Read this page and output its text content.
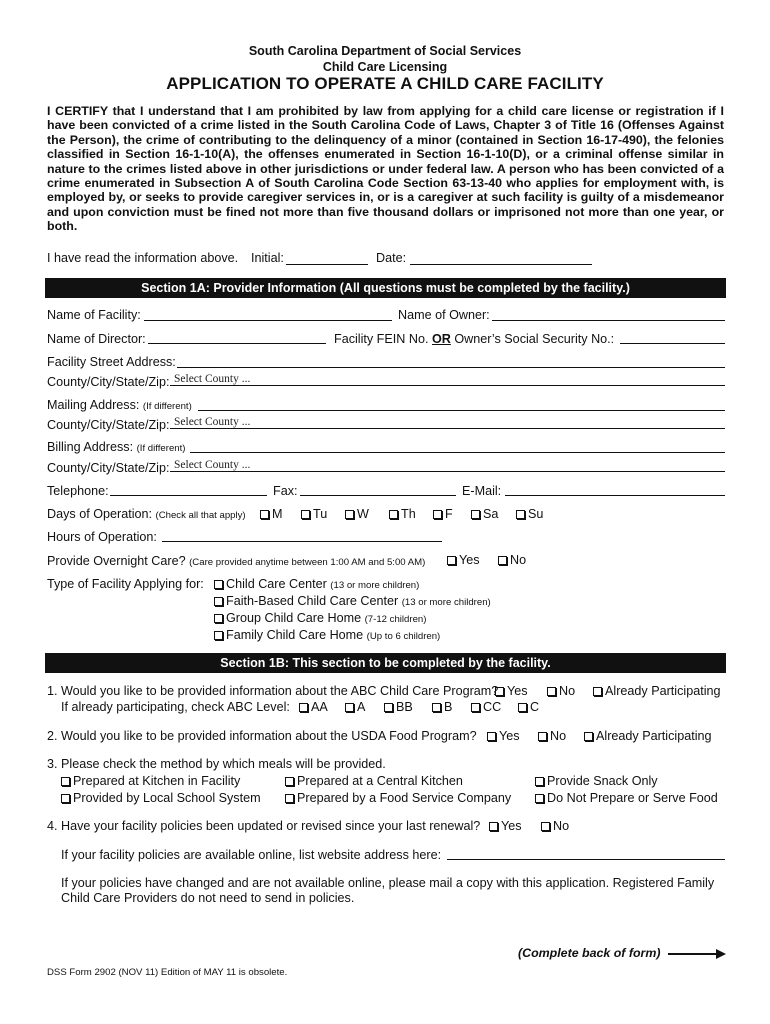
South Carolina Department of Social Services
Child Care Licensing
APPLICATION TO OPERATE A CHILD CARE FACILITY
I CERTIFY that I understand that I am prohibited by law from applying for a child care license or registration if I have been convicted of a crime listed in the South Carolina Code of Laws, Chapter 3 of Title 16 (Offenses Against the Person), the crime of contributing to the delinquency of a minor (contained in Section 16-17-490), the felonies classified in Section 16-1-10(A), the offenses enumerated in Section 16-1-10(D), or a criminal offense similar in nature to the crimes listed above in other jurisdictions or under federal law. A person who has been convicted of a crime enumerated in Subsection A of South Carolina Code Section 63-13-40 who applies for employment with, is employed by, or seeks to provide caregiver services in, or is a caregiver at such facility is guilty of a misdemeanor and upon conviction must be fined not more than five thousand dollars or imprisoned not more than one year, or both.
I have read the information above. Initial:	Date:
Section 1A: Provider Information (All questions must be completed by the facility.)
Name of Facility:	Name of Owner:
Name of Director:	Facility FEIN No. OR Owner’s Social Security No.:
Facility Street Address:
County/City/State/Zip: Select County ...
Mailing Address: (If different)
County/City/State/Zip: Select County ...
Billing Address: (If different)
County/City/State/Zip: Select County ...
Telephone:	Fax:	E-Mail:
Days of Operation: (Check all that apply)	M	Tu	W	Th	F	Sa	Su
Hours of Operation:
Provide Overnight Care? (Care provided anytime between 1:00 AM and 5:00 AM)	Yes	No
Type of Facility Applying for:	Child Care Center (13 or more children)
Faith-Based Child Care Center (13 or more children)
Group Child Care Home (7-12 children)
Family Child Care Home (Up to 6 children)
Section 1B: This section to be completed by the facility.
1. Would you like to be provided information about the ABC Child Care Program? Yes	No	Already Participating
If already participating, check ABC Level:	AA	A	BB	B	CC	C
2. Would you like to be provided information about the USDA Food Program?	Yes	No	Already Participating
3. Please check the method by which meals will be provided.
Prepared at Kitchen in Facility	Prepared at a Central Kitchen	Provide Snack Only
Provided by Local School System	Prepared by a Food Service Company	Do Not Prepare or Serve Food
4. Have your facility policies been updated or revised since your last renewal?	Yes	No
If your facility policies are available online, list website address here:
If your policies have changed and are not available online, please mail a copy with this application. Registered Family Child Care Providers do not need to send in policies.
(Complete back of form)
DSS Form 2902 (NOV 11) Edition of MAY 11 is obsolete.
